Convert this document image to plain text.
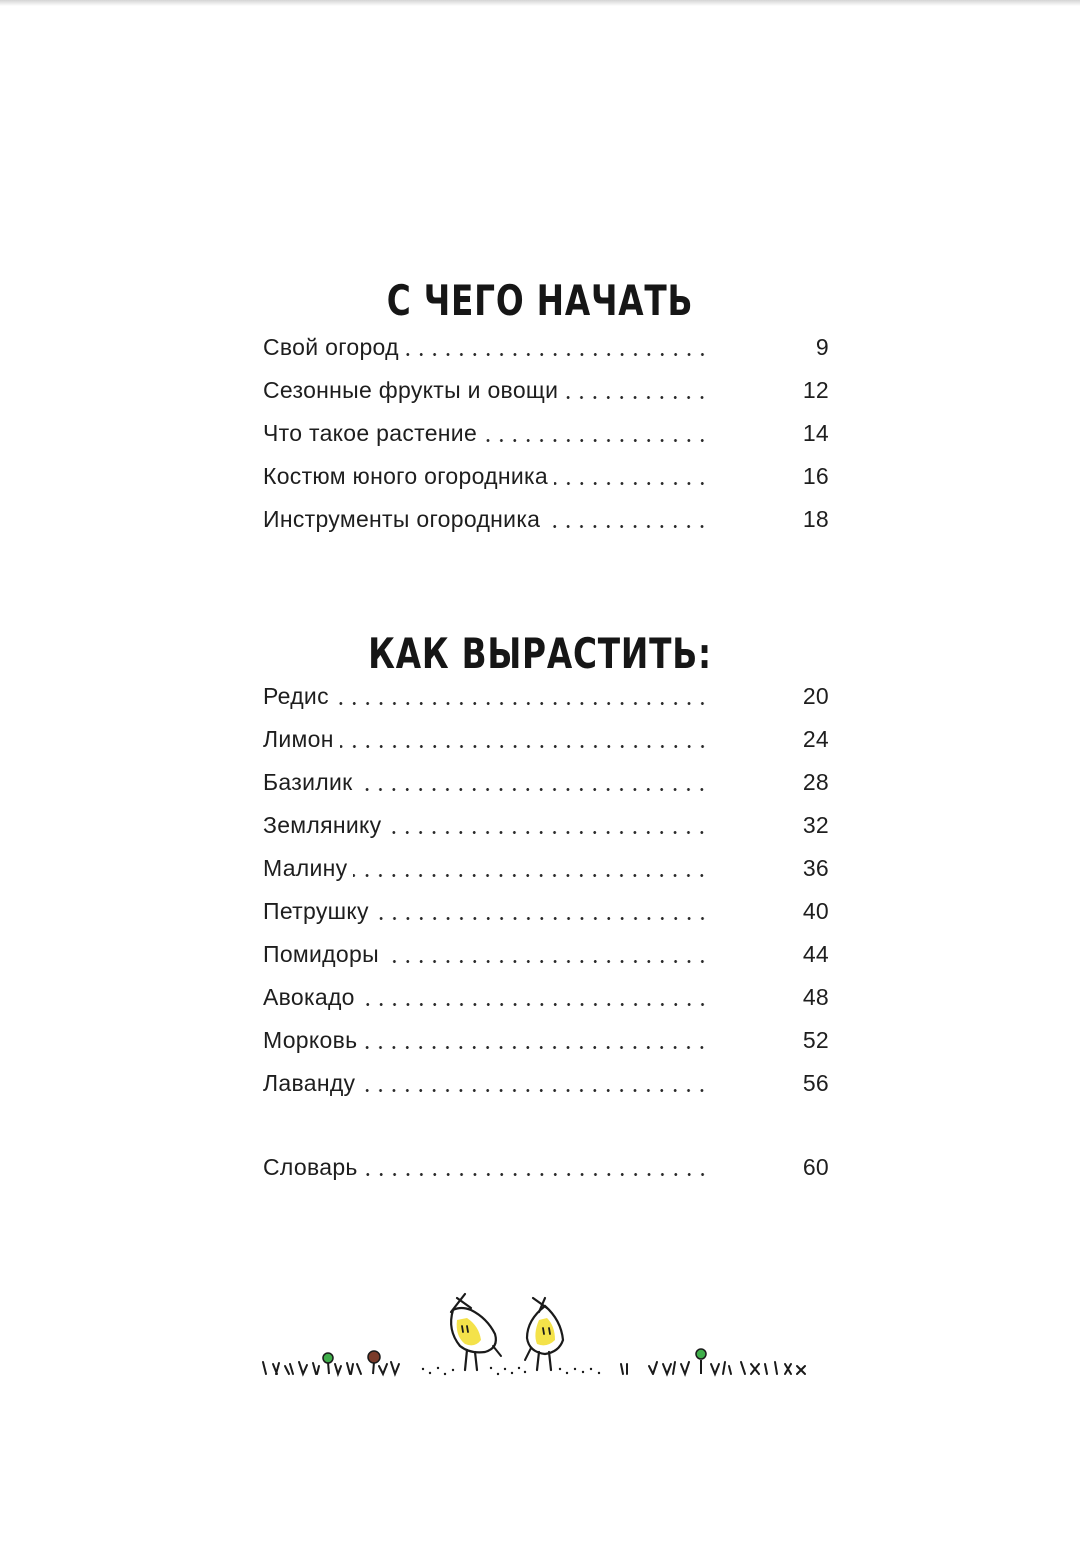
С ЧЕГО НАЧАТЬ
Свой огород	9
Сезонные фрукты и овощи	12
Что такое растение	14
Костюм юного огородника	16
Инструменты огородника	18
КАК ВЫРАСТИТЬ:
Редис	20
Лимон	24
Базилик	28
Землянику	32
Малину	36
Петрушку	40
Помидоры	44
Авокадо	48
Морковь	52
Лаванду	56
Словарь	60
